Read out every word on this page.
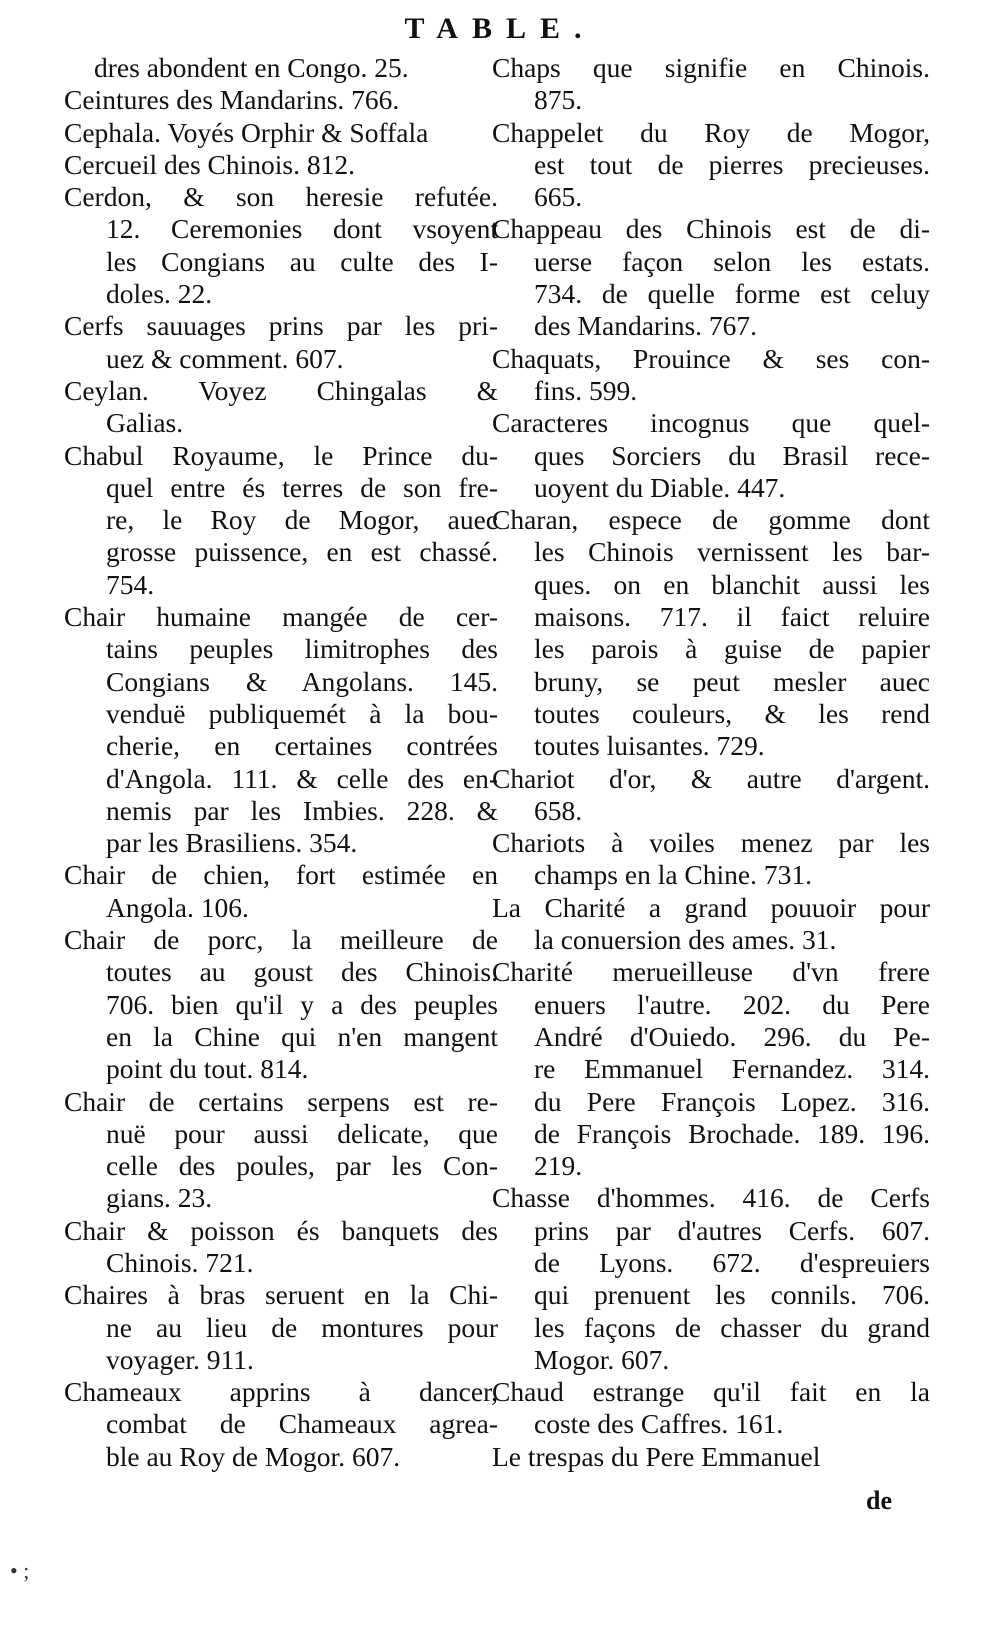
TABLE.
dres abondent en Congo. 25.
Ceintures des Mandarins. 766.
Cephala. Voyés Orphir & Soffala
Cercueil des Chinois. 812.
Cerdon, & son heresie refutée.
12. Ceremonies dont vsoyent
les Congians au culte des I-
doles. 22.
Cerfs sauuages prins par les pri-
uez & comment. 607.
Ceylan. Voyez Chingalas &
Galias.
Chabul Royaume, le Prince du-
quel entre és terres de son fre-
re, le Roy de Mogor, auec
grosse puissence, en est chassé.
754.
Chair humaine mangée de cer-
tains peuples limitrophes des
Congians & Angolans. 145.
venduë publiquemét à la bou-
cherie, en certaines contrées
d'Angola. 111. & celle des en-
nemis par les Imbies. 228. &
par les Brasiliens. 354.
Chair de chien, fort estimée en
Angola. 106.
Chair de porc, la meilleure de
toutes au goust des Chinois.
706. bien qu'il y a des peuples
en la Chine qui n'en mangent
point du tout. 814.
Chair de certains serpens est re-
nuë pour aussi delicate, que
celle des poules, par les Con-
gians. 23.
Chair & poisson és banquets des
Chinois. 721.
Chaires à bras seruent en la Chi-
ne au lieu de montures pour
voyager. 911.
Chameaux apprins à dancer,
combat de Chameaux agrea-
ble au Roy de Mogor. 607.
Chaps que signifie en Chinois.
875.
Chappelet du Roy de Mogor,
est tout de pierres precieuses.
665.
Chappeau des Chinois est de di-
uerse façon selon les estats.
734. de quelle forme est celuy
des Mandarins. 767.
Chaquats, Prouince & ses con-
fins. 599.
Caracteres incognus que quel-
ques Sorciers du Brasil rece-
uoyent du Diable. 447.
Charan, espece de gomme dont
les Chinois vernissent les bar-
ques. on en blanchit aussi les
maisons. 717. il faict reluire
les parois à guise de papier
bruny, se peut mesler auec
toutes couleurs, & les rend
toutes luisantes. 729.
Chariot d'or, & autre d'argent.
658.
Chariots à voiles menez par les
champs en la Chine. 731.
La Charité a grand pouuoir pour
la conuersion des ames. 31.
Charité merueilleuse d'vn frere
enuers l'autre. 202. du Pere
André d'Ouiedo. 296. du Pe-
re Emmanuel Fernandez. 314.
du Pere François Lopez. 316.
de François Brochade. 189. 196.
219.
Chasse d'hommes. 416. de Cerfs
prins par d'autres Cerfs. 607.
de Lyons. 672. d'espreuiers
qui prenuent les connils. 706.
les façons de chasser du grand
Mogor. 607.
Chaud estrange qu'il fait en la
coste des Caffres. 161.
Le trespas du Pere Emmanuel
de
• ;
